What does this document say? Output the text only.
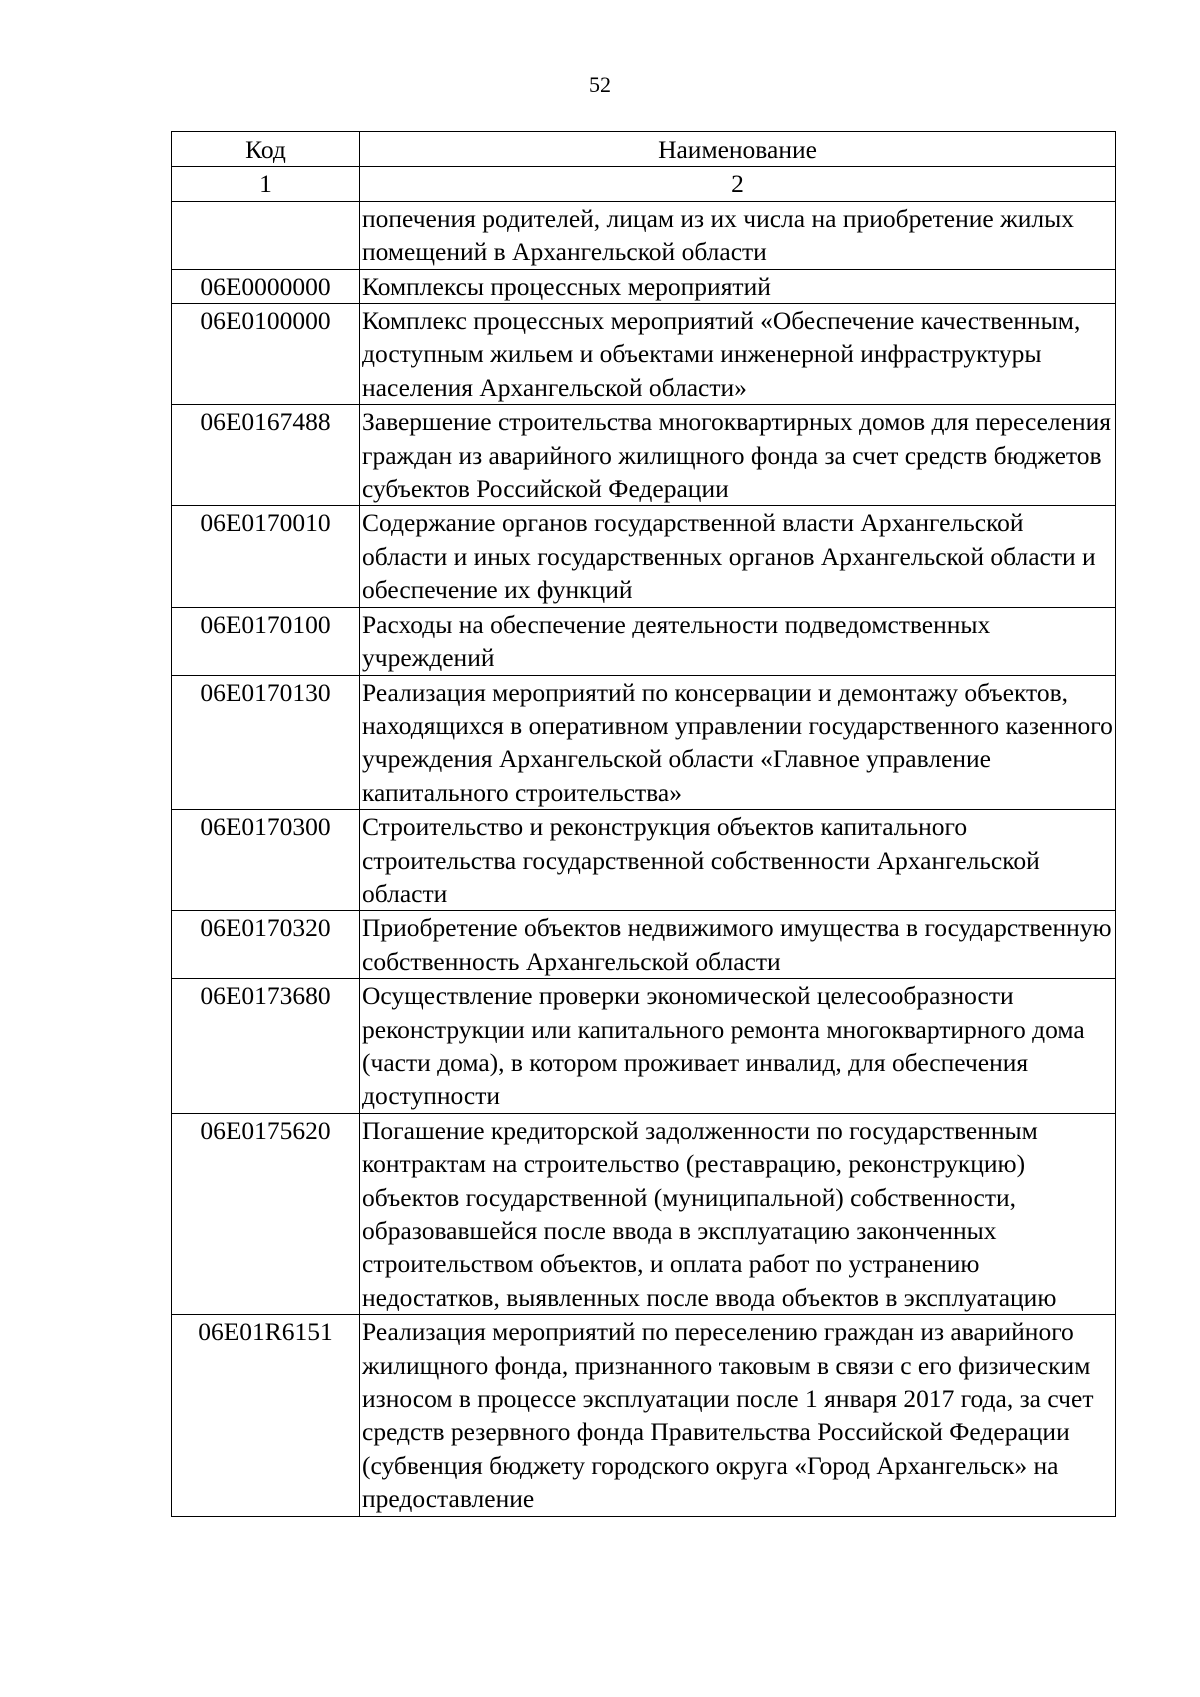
52
Код	Наименование
1	2
	попечения родителей, лицам из их числа на приобретение жилых помещений в Архангельской области
06Е0000000	Комплексы процессных мероприятий
06Е0100000	Комплекс процессных мероприятий «Обеспечение качественным, доступным жильем и объектами инженерной инфраструктуры населения Архангельской области»
06Е0167488	Завершение строительства многоквартирных домов для переселения граждан из аварийного жилищного фонда за счет средств бюджетов субъектов Российской Федерации
06Е0170010	Содержание органов государственной власти Архангельской области и иных государственных органов Архангельской области и обеспечение их функций
06Е0170100	Расходы на обеспечение деятельности подведомственных учреждений
06Е0170130	Реализация мероприятий по консервации и демонтажу объектов, находящихся в оперативном управлении государственного казенного учреждения Архангельской области «Главное управление капитального строительства»
06Е0170300	Строительство и реконструкция объектов капитального строительства государственной собственности Архангельской области
06Е0170320	Приобретение объектов недвижимого имущества в государственную собственность Архангельской области
06Е0173680	Осуществление проверки экономической целесообразности реконструкции или капитального ремонта многоквартирного дома (части дома), в котором проживает инвалид, для обеспечения доступности
06Е0175620	Погашение кредиторской задолженности по государственным контрактам на строительство (реставрацию, реконструкцию) объектов государственной (муниципальной) собственности, образовавшейся после ввода в эксплуатацию законченных строительством объектов, и оплата работ по устранению недостатков, выявленных после ввода объектов в эксплуатацию
06Е01R6151	Реализация мероприятий по переселению граждан из аварийного жилищного фонда, признанного таковым в связи с его физическим износом в процессе эксплуатации после 1 января 2017 года, за счет средств резервного фонда Правительства Российской Федерации (субвенция бюджету городского округа «Город Архангельск» на предоставление
